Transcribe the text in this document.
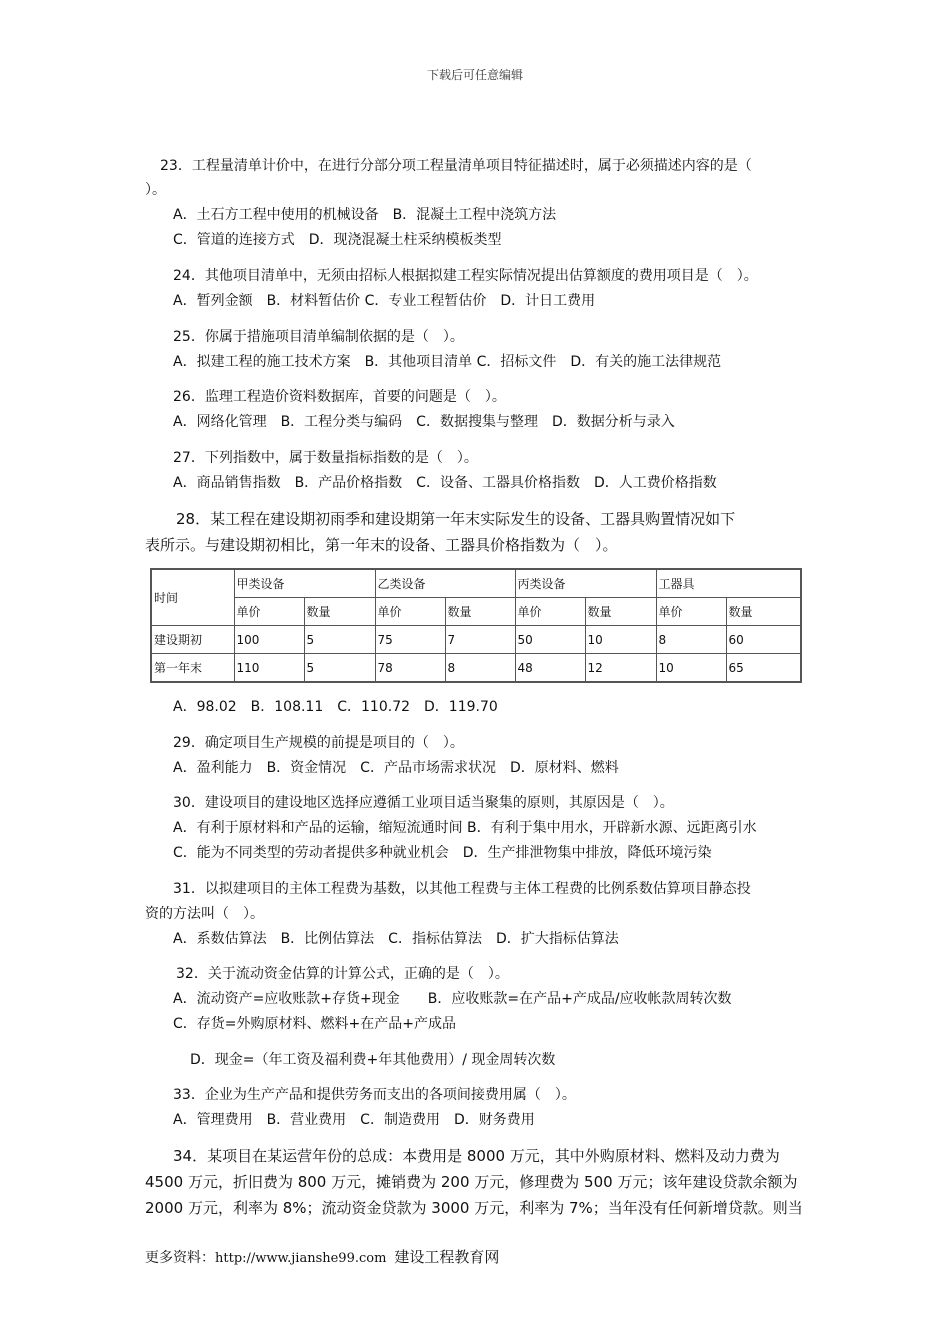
下载后可任意编辑
23．工程量清单计价中，在进行分部分项工程量清单项目特征描述时，属于必须描述内容的是（
）。
A．土石方工程中使用的机械设备　B．混凝土工程中浇筑方法
C．管道的连接方式　D．现浇混凝土柱采纳模板类型
24．其他项目清单中，无须由招标人根据拟建工程实际情况提出估算额度的费用项目是（　）。
A．暂列金额　B．材料暂估价 C．专业工程暂估价　D．计日工费用
25．你属于措施项目清单编制依据的是（　）。
A．拟建工程的施工技术方案　B．其他项目清单 C．招标文件　D．有关的施工法律规范
26．监理工程造价资料数据库，首要的问题是（　）。
A．网络化管理　B．工程分类与编码　C．数据搜集与整理　D．数据分析与录入
27．下列指数中，属于数量指标指数的是（　）。
A．商品销售指数　B．产品价格指数　C．设备、工器具价格指数　D．人工费价格指数
28．某工程在建设期初雨季和建设期第一年末实际发生的设备、工器具购置情况如下
表所示。与建设期初相比，第一年末的设备、工器具价格指数为（　）。
时间	甲类设备		乙类设备		丙类设备		工器具	
	单价	数量	单价	数量	单价	数量	单价	数量
建设期初	100	5	75	7	50	10	8	60
第一年末	110	5	78	8	48	12	10	65
A．98.02　B．108.11　C．110.72　D．119.70
29．确定项目生产规模的前提是项目的（　）。
A．盈利能力　B．资金情况　C．产品市场需求状况　D．原材料、燃料
30．建设项目的建设地区选择应遵循工业项目适当聚集的原则，其原因是（　）。
A．有利于原材料和产品的运输，缩短流通时间 B．有利于集中用水，开辟新水源、远距离引水
C．能为不同类型的劳动者提供多种就业机会　D．生产排泄物集中排放，降低环境污染
31．以拟建项目的主体工程费为基数，以其他工程费与主体工程费的比例系数估算项目静态投
资的方法叫（　）。
A．系数估算法　B．比例估算法　C．指标估算法　D．扩大指标估算法
32．关于流动资金估算的计算公式，正确的是（　）。
A．流动资产=应收账款+存货+现金　　B．应收账款=在产品+产成品/应收帐款周转次数
C．存货=外购原材料、燃料+在产品+产成品
D．现金=（年工资及福利费+年其他费用）/ 现金周转次数
33．企业为生产产品和提供劳务而支出的各项间接费用属（　）。
A．管理费用　B．营业费用　C．制造费用　D．财务费用
34．某项目在某运营年份的总成：本费用是 8000 万元，其中外购原材料、燃料及动力费为
4500 万元，折旧费为 800 万元，摊销费为 200 万元，修理费为 500 万元；该年建设贷款余额为
2000 万元，利率为 8%；流动资金贷款为 3000 万元，利率为 7%；当年没有任何新增贷款。则当
更多资料：http://www.jianshe99.com 建设工程教育网
